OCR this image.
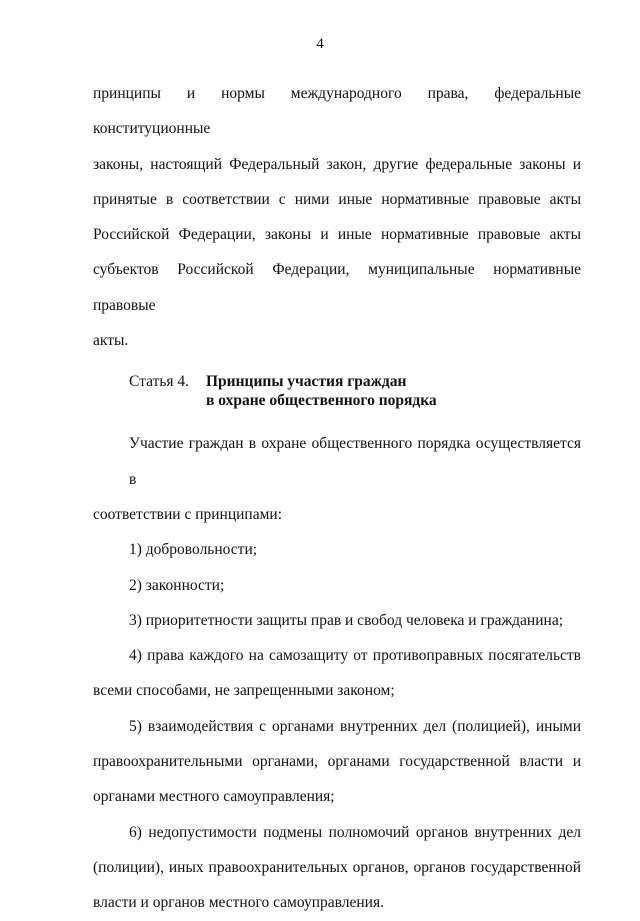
4

принципы и нормы международного права, федеральные конституционные
законы, настоящий Федеральный закон, другие федеральные законы и
принятые в соответствии с ними иные нормативные правовые акты
Российской Федерации, законы и иные нормативные правовые акты
субъектов Российской Федерации, муниципальные нормативные правовые
акты.

Статья 4.	Принципы участия граждан
в охране общественного порядка

Участие граждан в охране общественного порядка осуществляется в
соответствии с принципами:

1) добровольности;

2) законности;

3) приоритетности защиты прав и свобод человека и гражданина;

4) права каждого на самозащиту от противоправных посягательств
всеми способами, не запрещенными законом;

5) взаимодействия с органами внутренних дел (полицией), иными
правоохранительными органами, органами государственной власти и
органами местного самоуправления;

6) недопустимости подмены полномочий органов внутренних дел
(полиции), иных правоохранительных органов, органов государственной
власти и органов местного самоуправления.
